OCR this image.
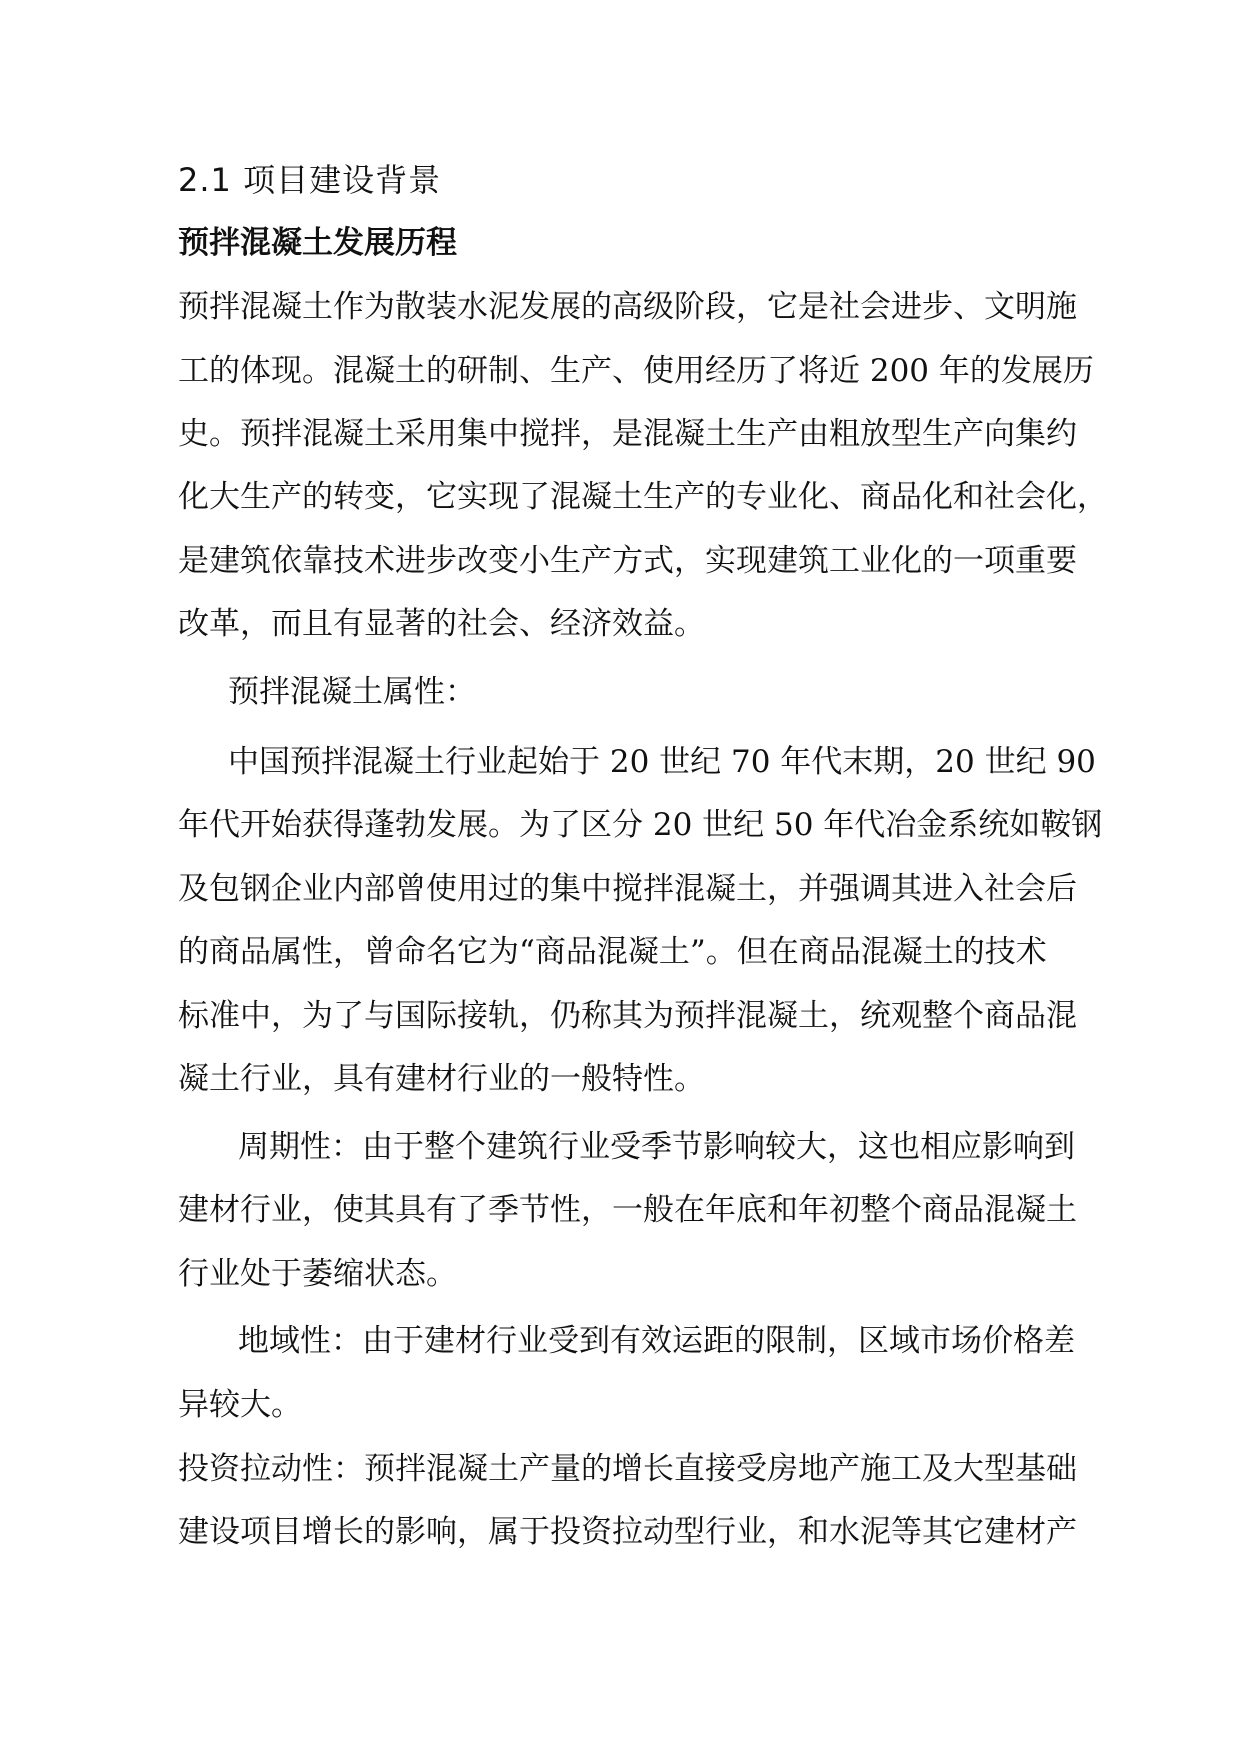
2.1 项目建设背景
预拌混凝土发展历程
预拌混凝土作为散装水泥发展的高级阶段，它是社会进步、文明施
工的体现。混凝土的研制、生产、使用经历了将近 200 年的发展历
史。预拌混凝土采用集中搅拌，是混凝土生产由粗放型生产向集约
化大生产的转变，它实现了混凝土生产的专业化、商品化和社会化，
是建筑依靠技术进步改变小生产方式，实现建筑工业化的一项重要
改革，而且有显著的社会、经济效益。
预拌混凝土属性：
中国预拌混凝土行业起始于 20 世纪 70 年代末期，20 世纪 90
年代开始获得蓬勃发展。为了区分 20 世纪 50 年代冶金系统如鞍钢
及包钢企业内部曾使用过的集中搅拌混凝土，并强调其进入社会后
的商品属性，曾命名它为“商品混凝土”。但在商品混凝土的技术
标准中，为了与国际接轨，仍称其为预拌混凝土，统观整个商品混
凝土行业，具有建材行业的一般特性。
周期性：由于整个建筑行业受季节影响较大，这也相应影响到
建材行业，使其具有了季节性，一般在年底和年初整个商品混凝土
行业处于萎缩状态。
地域性：由于建材行业受到有效运距的限制，区域市场价格差
异较大。
投资拉动性：预拌混凝土产量的增长直接受房地产施工及大型基础
建设项目增长的影响，属于投资拉动型行业，和水泥等其它建材产
